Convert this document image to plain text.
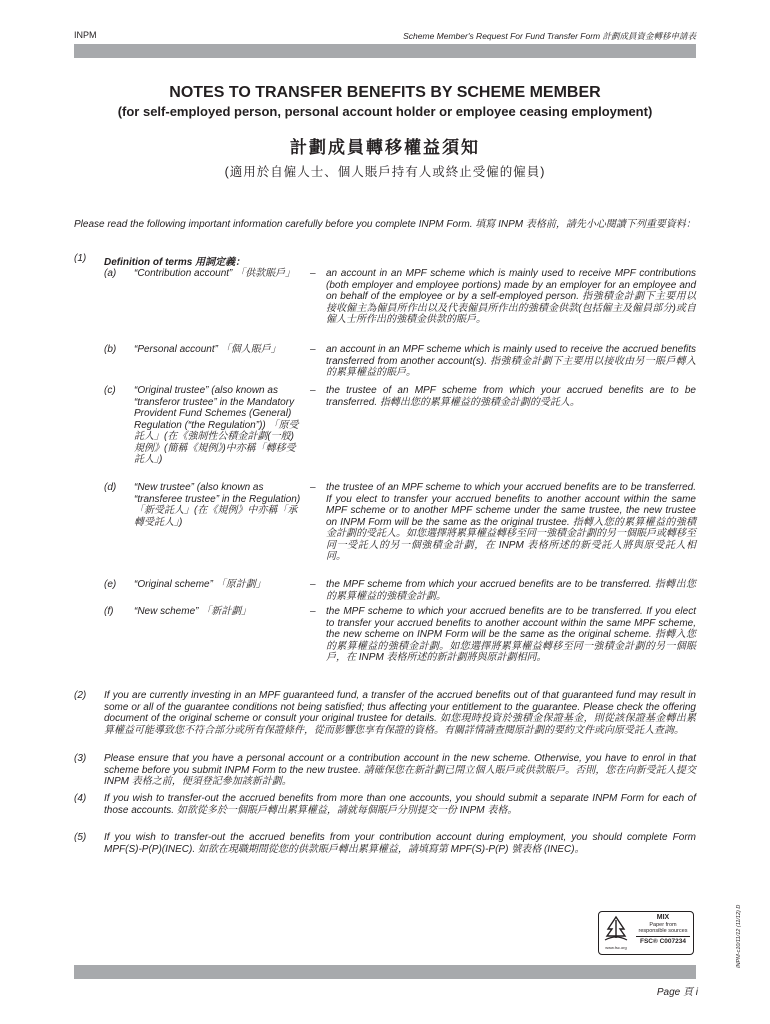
INPM	Scheme Member's Request For Fund Transfer Form 計劃成員資金轉移申請表
NOTES TO TRANSFER BENEFITS BY SCHEME MEMBER
(for self-employed person, personal account holder or employee ceasing employment)
計劃成員轉移權益須知
(適用於自僱人士、個人賬戶持有人或終止受僱的僱員)
Please read the following important information carefully before you complete INPM Form. 填寫 INPM 表格前，請先小心閱讀下列重要資料：
(1) Definition of terms 用詞定義：
(a) “Contribution account” 「供款賬戶」	– an account in an MPF scheme which is mainly used to receive MPF contributions (both employer and employee portions) made by an employer for an employee and on behalf of the employee or by a self-employed person. 指強積金計劃下主要用以接收僱主為僱員所作出以及代表僱員所作出的強積金供款(包括僱主及僱員部分)或自僱人士所作出的強積金供款的賬戶。
(b) “Personal account” 「個人賬戶」	– an account in an MPF scheme which is mainly used to receive the accrued benefits transferred from another account(s). 指強積金計劃下主要用以接收由另一賬戶轉入的累算權益的賬戶。
(c) “Original trustee” (also known as “transferor trustee” in the Mandatory Provident Fund Schemes (General) Regulation (“the Regulation”)) 「原受託人」(在《強制性公積金計劃(一般)規例》(簡稱《規例》)中亦稱「轉移受託人」)
– the trustee of an MPF scheme from which your accrued benefits are to be transferred. 指轉出您的累算權益的強積金計劃的受託人。
(d) “New trustee” (also known as “transferee trustee” in the Regulation) 「新受託人」(在《規例》中亦稱「承轉受託人」)
– the trustee of an MPF scheme to which your accrued benefits are to be transferred. If you elect to transfer your accrued benefits to another account within the same MPF scheme or to another MPF scheme under the same trustee, the new trustee on INPM Form will be the same as the original trustee. 指轉入您的累算權益的強積金計劃的受託人。如您選擇將累算權益轉移至同一強積金計劃的另一個賬戶或轉移至同一受託人的另一個強積金計劃，在 INPM 表格所述的新受託人將與原受託人相同。
(e) “Original scheme” 「原計劃」	– the MPF scheme from which your accrued benefits are to be transferred. 指轉出您的累算權益的強積金計劃。
(f) “New scheme” 「新計劃」	– the MPF scheme to which your accrued benefits are to be transferred. If you elect to transfer your accrued benefits to another account within the same MPF scheme, the new scheme on INPM Form will be the same as the original scheme. 指轉入您的累算權益的強積金計劃。如您選擇將累算權益轉移至同一強積金計劃的另一個賬戶，在 INPM 表格所述的新計劃將與原計劃相同。
(2) If you are currently investing in an MPF guaranteed fund, a transfer of the accrued benefits out of that guaranteed fund may result in some or all of the guarantee conditions not being satisfied; thus affecting your entitlement to the guarantee. Please check the offering document of the original scheme or consult your original trustee for details. 如您現時投資於強積金保證基金，則從該保證基金轉出累算權益可能導致您不符合部分或所有保證條件，從而影響您享有保證的資格。有關詳情請查閱原計劃的要約文件或向原受託人查詢。
(3) Please ensure that you have a personal account or a contribution account in the new scheme. Otherwise, you have to enrol in that scheme before you submit INPM Form to the new trustee. 請確保您在新計劃已開立個人賬戶或供款賬戶。否則，您在向新受託人提交 INPM 表格之前，便須登記參加該新計劃。
(4) If you wish to transfer-out the accrued benefits from more than one accounts, you should submit a separate INPM Form for each of those accounts. 如欲從多於一個賬戶轉出累算權益，請就每個賬戶分別提交一份 INPM 表格。
(5) If you wish to transfer-out the accrued benefits from your contribution account during employment, you should complete Form MPF(S)-P(P)(INEC). 如欲在現職期間從您的供款賬戶轉出累算權益，請填寫第 MPF(S)-P(P) 號表格 (INEC)。
www.fsc.org
MIX
Paper from
responsible sources
FSC® C007234	INPM-c10/11/12 (11/12) D
Page 頁 i
